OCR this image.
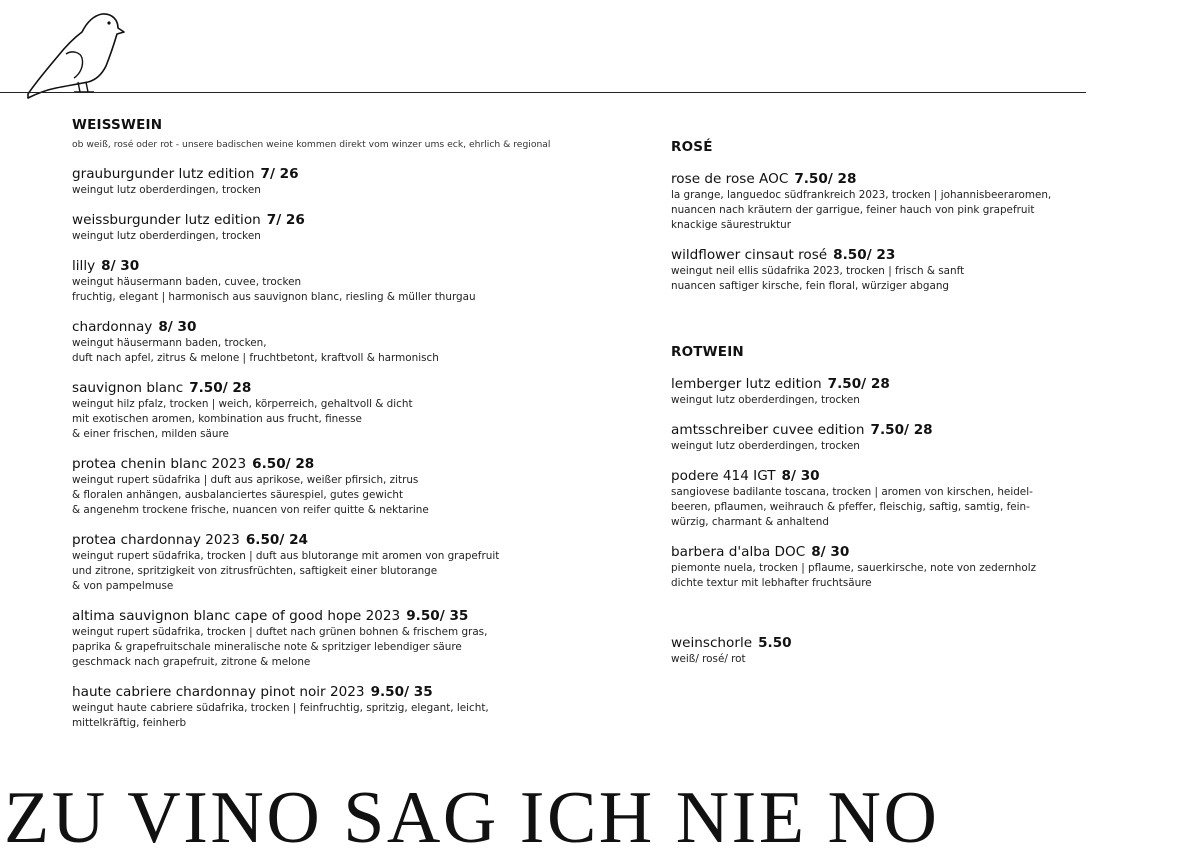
WEISSWEIN

ob weiß, rosé oder rot - unsere badischen weine kommen direkt vom winzer ums eck, ehrlich & regional

grauburgunder lutz edition 7/ 26

weingut lutz oberderdingen, trocken

weissburgunder lutz edition 7/ 26

weingut lutz oberderdingen, trocken

lilly 8/ 30

weingut häusermann baden, cuvee, trocken

fruchtig, elegant | harmonisch aus sauvignon blanc, riesling & müller thurgau

chardonnay 8/ 30

weingut häusermann baden, trocken,

duft nach apfel, zitrus & melone | fruchtbetont, kraftvoll & harmonisch

sauvignon blanc 7.50/ 28

weingut hilz pfalz, trocken | weich, körperreich, gehaltvoll & dicht

mit exotischen aromen, kombination aus frucht, finesse

& einer frischen, milden säure

protea chenin blanc 2023 6.50/ 28

weingut rupert südafrika | duft aus aprikose, weißer pfirsich, zitrus

& floralen anhängen, ausbalanciertes säurespiel, gutes gewicht

& angenehm trockene frische, nuancen von reifer quitte & nektarine

protea chardonnay 2023 6.50/ 24

weingut rupert südafrika, trocken | duft aus blutorange mit aromen von grapefruit

und zitrone, spritzigkeit von zitrusfrüchten, saftigkeit einer blutorange

& von pampelmuse

altima sauvignon blanc cape of good hope 2023 9.50/ 35

weingut rupert südafrika, trocken | duftet nach grünen bohnen & frischem gras,

paprika & grapefruitschale mineralische note & spritziger lebendiger säure

geschmack nach grapefruit, zitrone & melone

haute cabriere chardonnay pinot noir 2023 9.50/ 35

weingut haute cabriere südafrika, trocken | feinfruchtig, spritzig, elegant, leicht,

mittelkräftig, feinherb

ROSÉ
rose de rose AOC 7.50/ 28

la grange, languedoc südfrankreich 2023, trocken | johannisbeeraromen,

nuancen nach kräutern der garrigue, feiner hauch von pink grapefruit

knackige säurestruktur

wildflower cinsaut rosé 8.50/ 23

weingut neil ellis südafrika 2023, trocken | frisch & sanft

nuancen saftiger kirsche, fein floral, würziger abgang

ROTWEIN
lemberger lutz edition 7.50/ 28

weingut lutz oberderdingen, trocken

amtsschreiber cuvee edition 7.50/ 28

weingut lutz oberderdingen, trocken

podere 414 IGT 8/ 30

sangiovese badilante toscana, trocken | aromen von kirschen, heidel-

beeren, pflaumen, weihrauch & pfeffer, fleischig, saftig, samtig, fein-

würzig, charmant & anhaltend

barbera d'alba DOC 8/ 30

piemonte nuela, trocken | pflaume, sauerkirsche, note von zedernholz

dichte textur mit lebhafter fruchtsäure

weinschorle 5.50

weiß/ rosé/ rot

ZU VINO SAG ICH NIE NO
